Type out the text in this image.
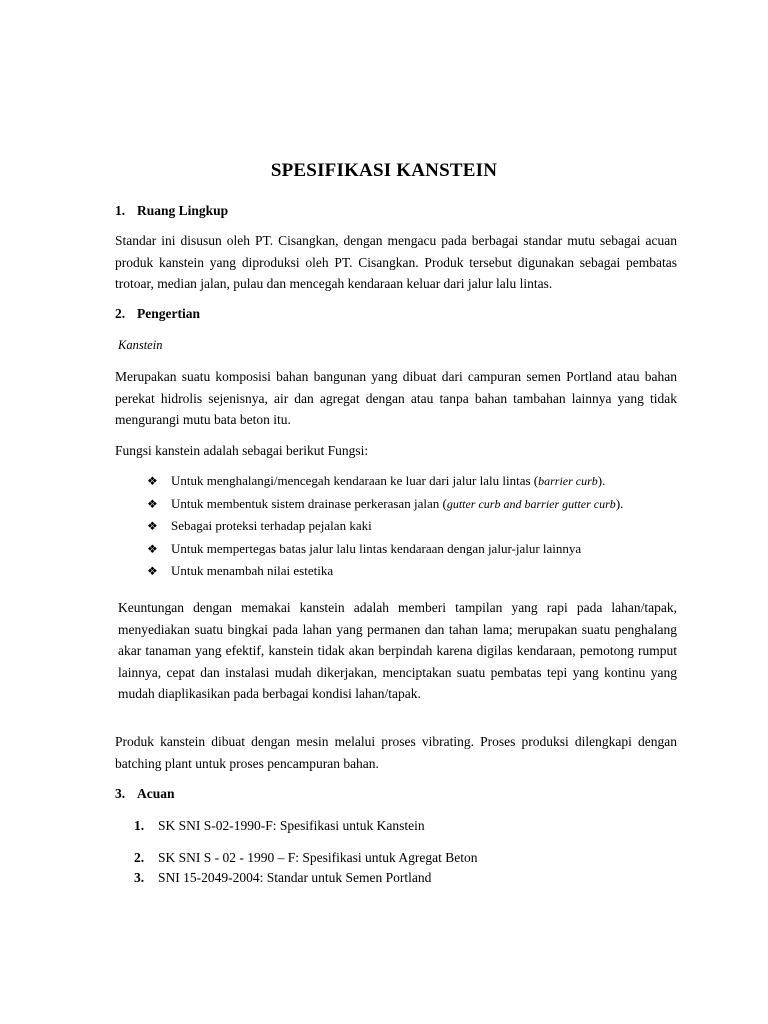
SPESIFIKASI KANSTEIN
1. Ruang Lingkup
Standar ini disusun oleh PT. Cisangkan, dengan mengacu pada berbagai standar mutu sebagai acuan produk kanstein yang diproduksi oleh PT. Cisangkan. Produk tersebut digunakan sebagai pembatas trotoar, median jalan, pulau dan mencegah kendaraan keluar dari jalur lalu lintas.
2. Pengertian
Kanstein
Merupakan suatu komposisi bahan bangunan yang dibuat dari campuran semen Portland atau bahan perekat hidrolis sejenisnya, air dan agregat dengan atau tanpa bahan tambahan lainnya yang tidak mengurangi mutu bata beton itu.
Fungsi kanstein adalah sebagai berikut Fungsi:
❖ Untuk menghalangi/mencegah kendaraan ke luar dari jalur lalu lintas (barrier curb).
❖ Untuk membentuk sistem drainase perkerasan jalan (gutter curb and barrier gutter curb).
❖ Sebagai proteksi terhadap pejalan kaki
❖ Untuk mempertegas batas jalur lalu lintas kendaraan dengan jalur-jalur lainnya
❖ Untuk menambah nilai estetika
Keuntungan dengan memakai kanstein adalah memberi tampilan yang rapi pada lahan/tapak, menyediakan suatu bingkai pada lahan yang permanen dan tahan lama; merupakan suatu penghalang akar tanaman yang efektif, kanstein tidak akan berpindah karena digilas kendaraan, pemotong rumput lainnya, cepat dan instalasi mudah dikerjakan, menciptakan suatu pembatas tepi yang kontinu yang mudah diaplikasikan pada berbagai kondisi lahan/tapak.
Produk kanstein dibuat dengan mesin melalui proses vibrating. Proses produksi dilengkapi dengan batching plant untuk proses pencampuran bahan.
3. Acuan
1. SK SNI S-02-1990-F: Spesifikasi untuk Kanstein
2. SK SNI S - 02 - 1990 – F: Spesifikasi untuk Agregat Beton
3. SNI 15-2049-2004: Standar untuk Semen Portland
